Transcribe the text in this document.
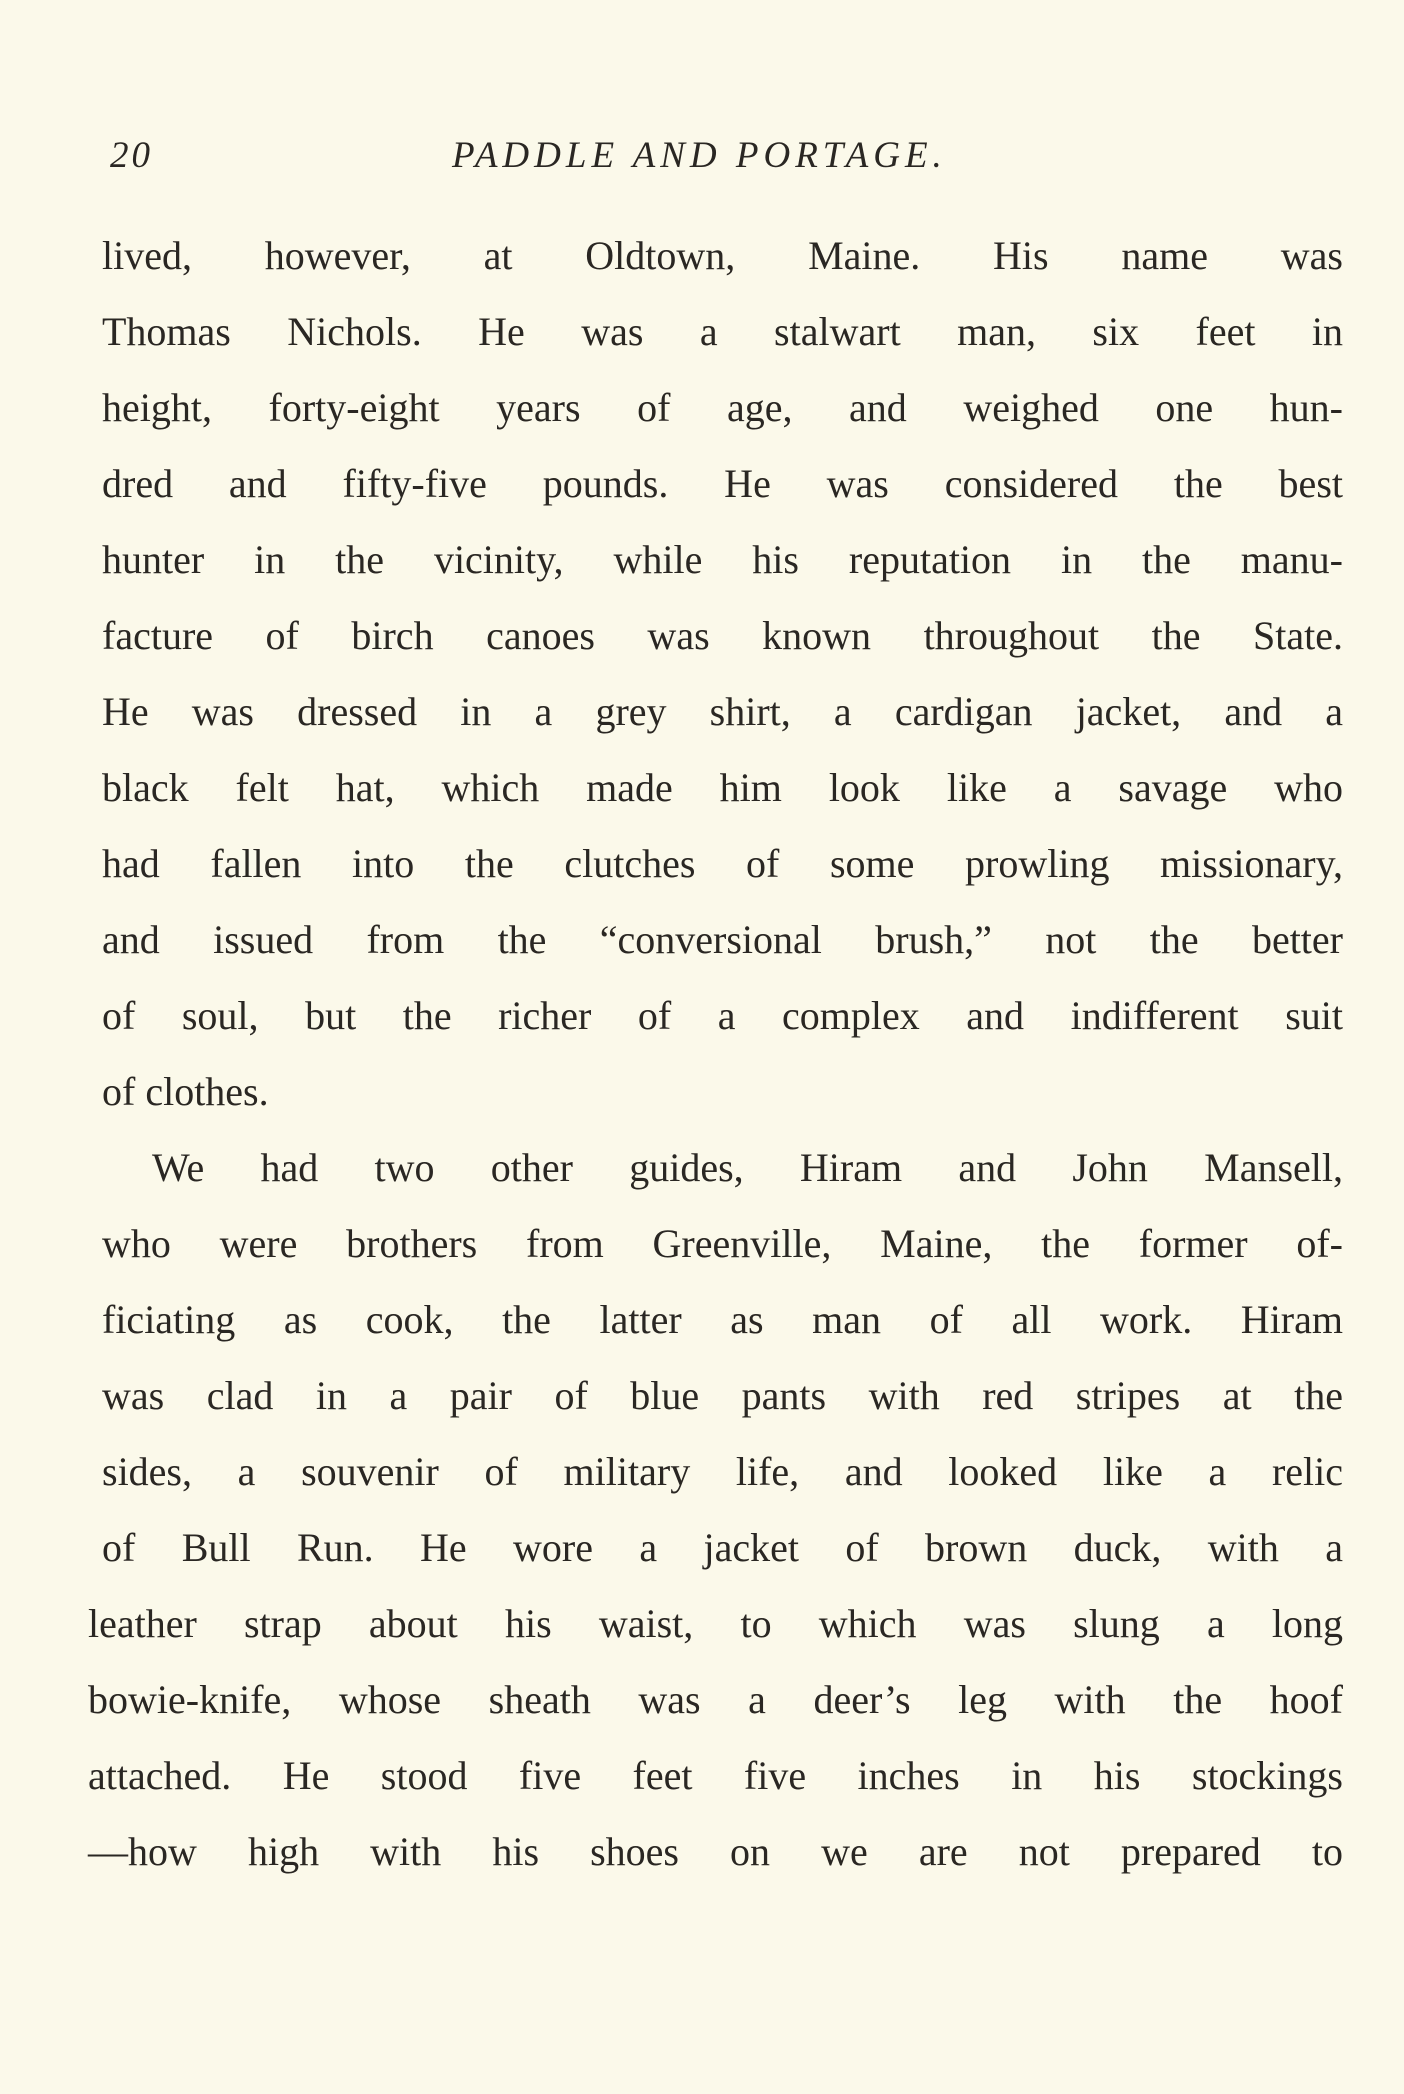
20	PADDLE AND PORTAGE.
lived, however, at Oldtown, Maine. His name was
Thomas Nichols. He was a stalwart man, six feet in
height, forty-eight years of age, and weighed one hun-
dred and fifty-five pounds. He was considered the best
hunter in the vicinity, while his reputation in the manu-
facture of birch canoes was known throughout the State.
He was dressed in a grey shirt, a cardigan jacket, and a
black felt hat, which made him look like a savage who
had fallen into the clutches of some prowling missionary,
and issued from the “conversional brush,” not the better
of soul, but the richer of a complex and indifferent suit
of clothes.
We had two other guides, Hiram and John Mansell,
who were brothers from Greenville, Maine, the former of-
ficiating as cook, the latter as man of all work. Hiram
was clad in a pair of blue pants with red stripes at the
sides, a souvenir of military life, and looked like a relic
of Bull Run. He wore a jacket of brown duck, with a
leather strap about his waist, to which was slung a long
bowie-knife, whose sheath was a deer’s leg with the hoof
attached. He stood five feet five inches in his stockings
—how high with his shoes on we are not prepared to
